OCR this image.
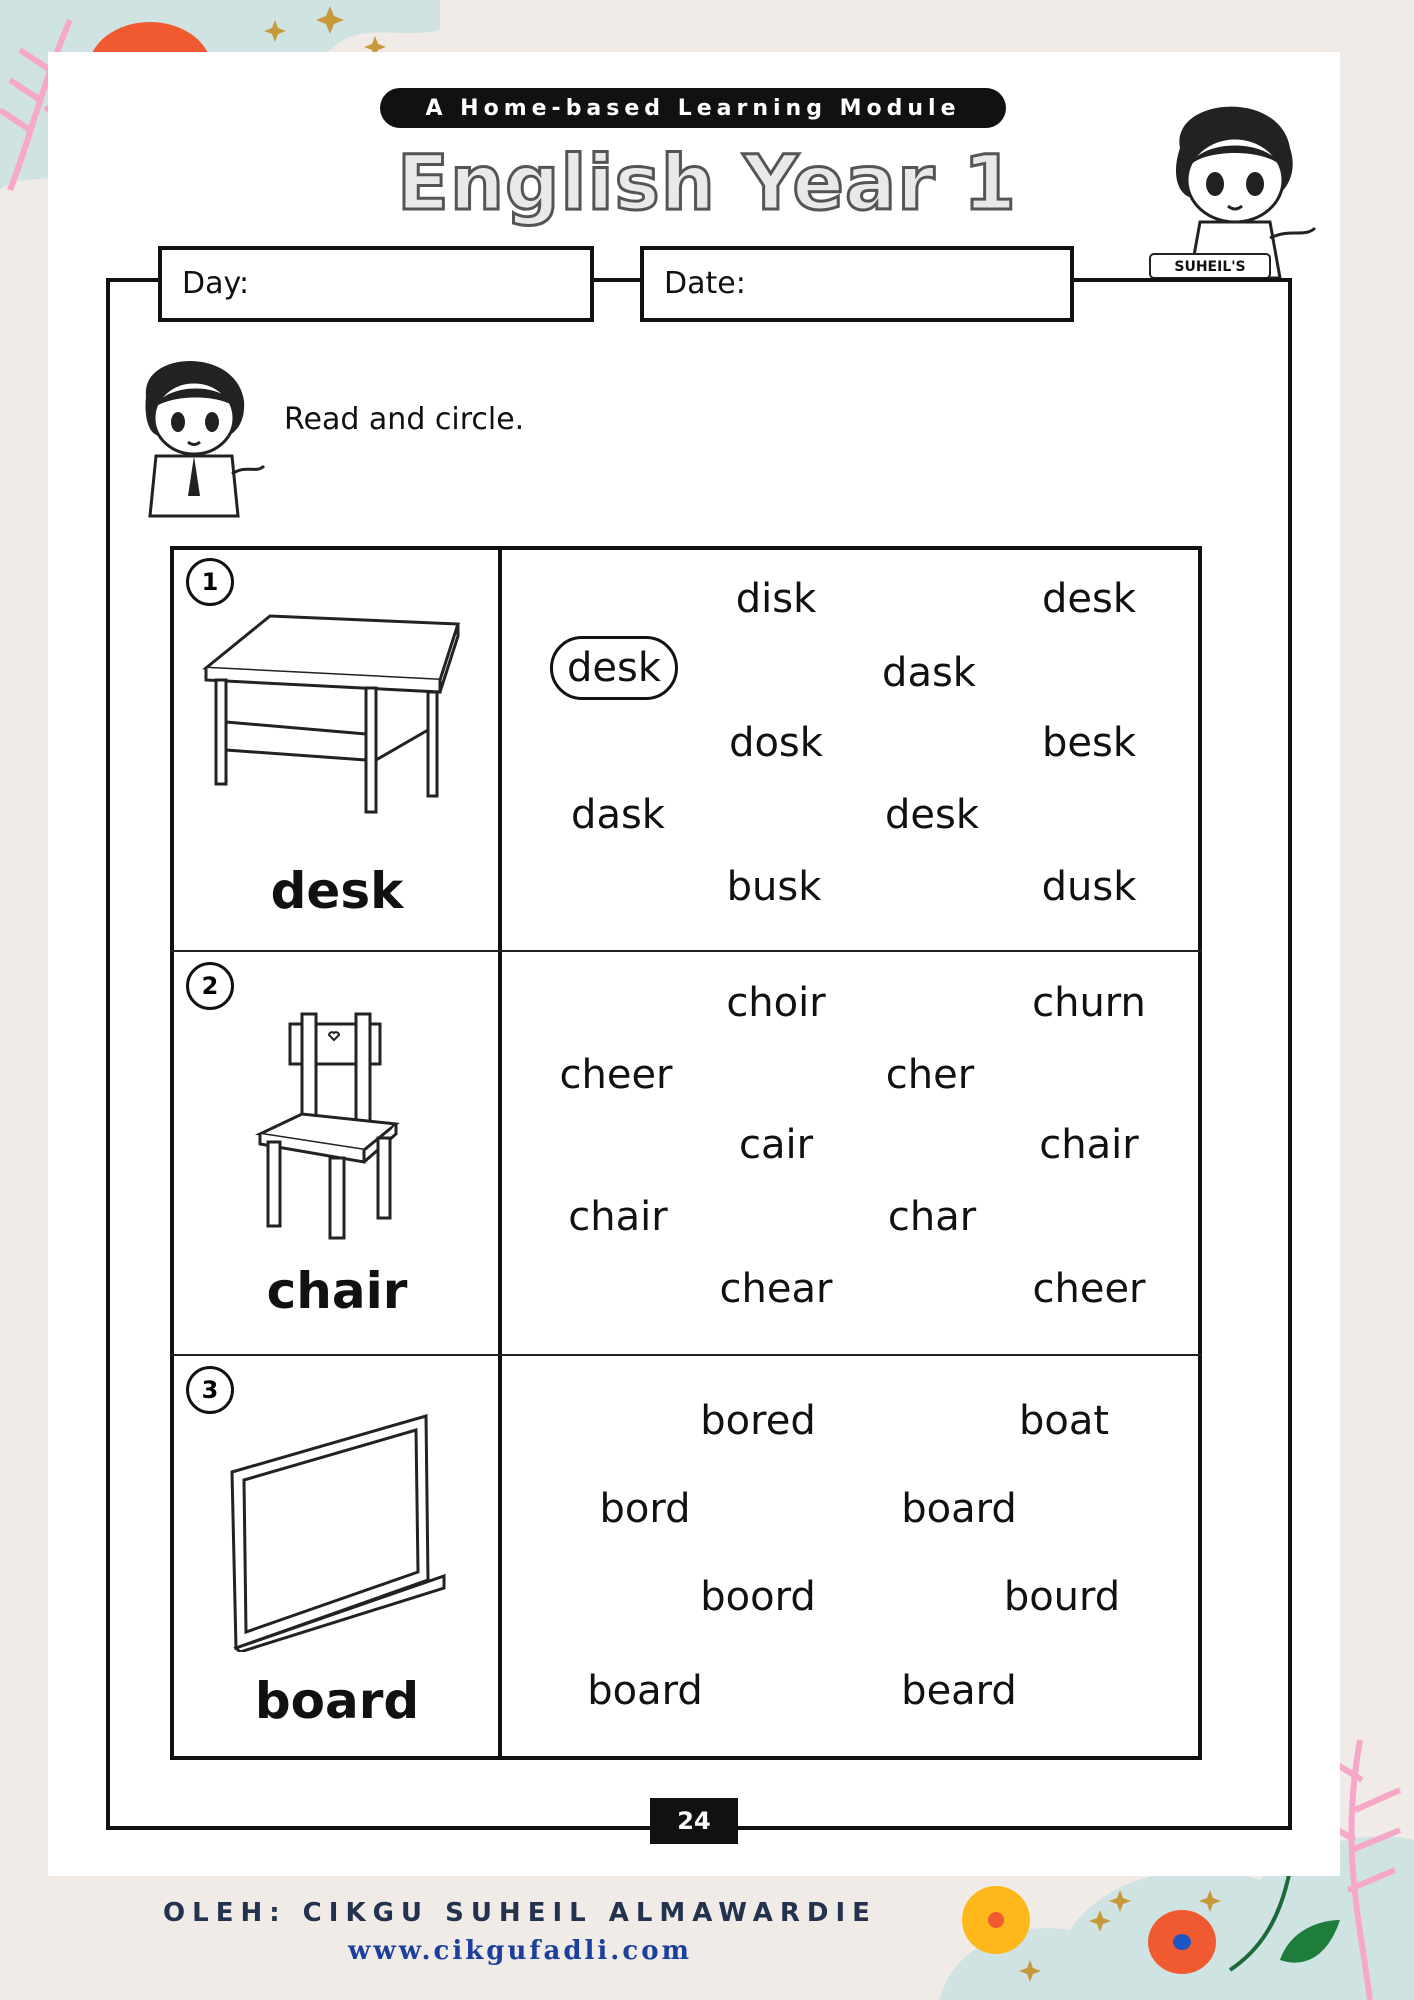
A Home-based Learning Module
English Year 1
SUHEIL'S
Day:	Date:
Read and circle.
1
desk
disk	desk
desk	dask
dosk	besk
dask	desk
busk	dusk
2
chair
choir	churn
cheer	cher
cair	chair
chair	char
chear	cheer
3
board
bored	boat
bord	board
boord	bourd
board	beard
24
OLEH: CIKGU SUHEIL ALMAWARDIE
www.cikgufadli.com
